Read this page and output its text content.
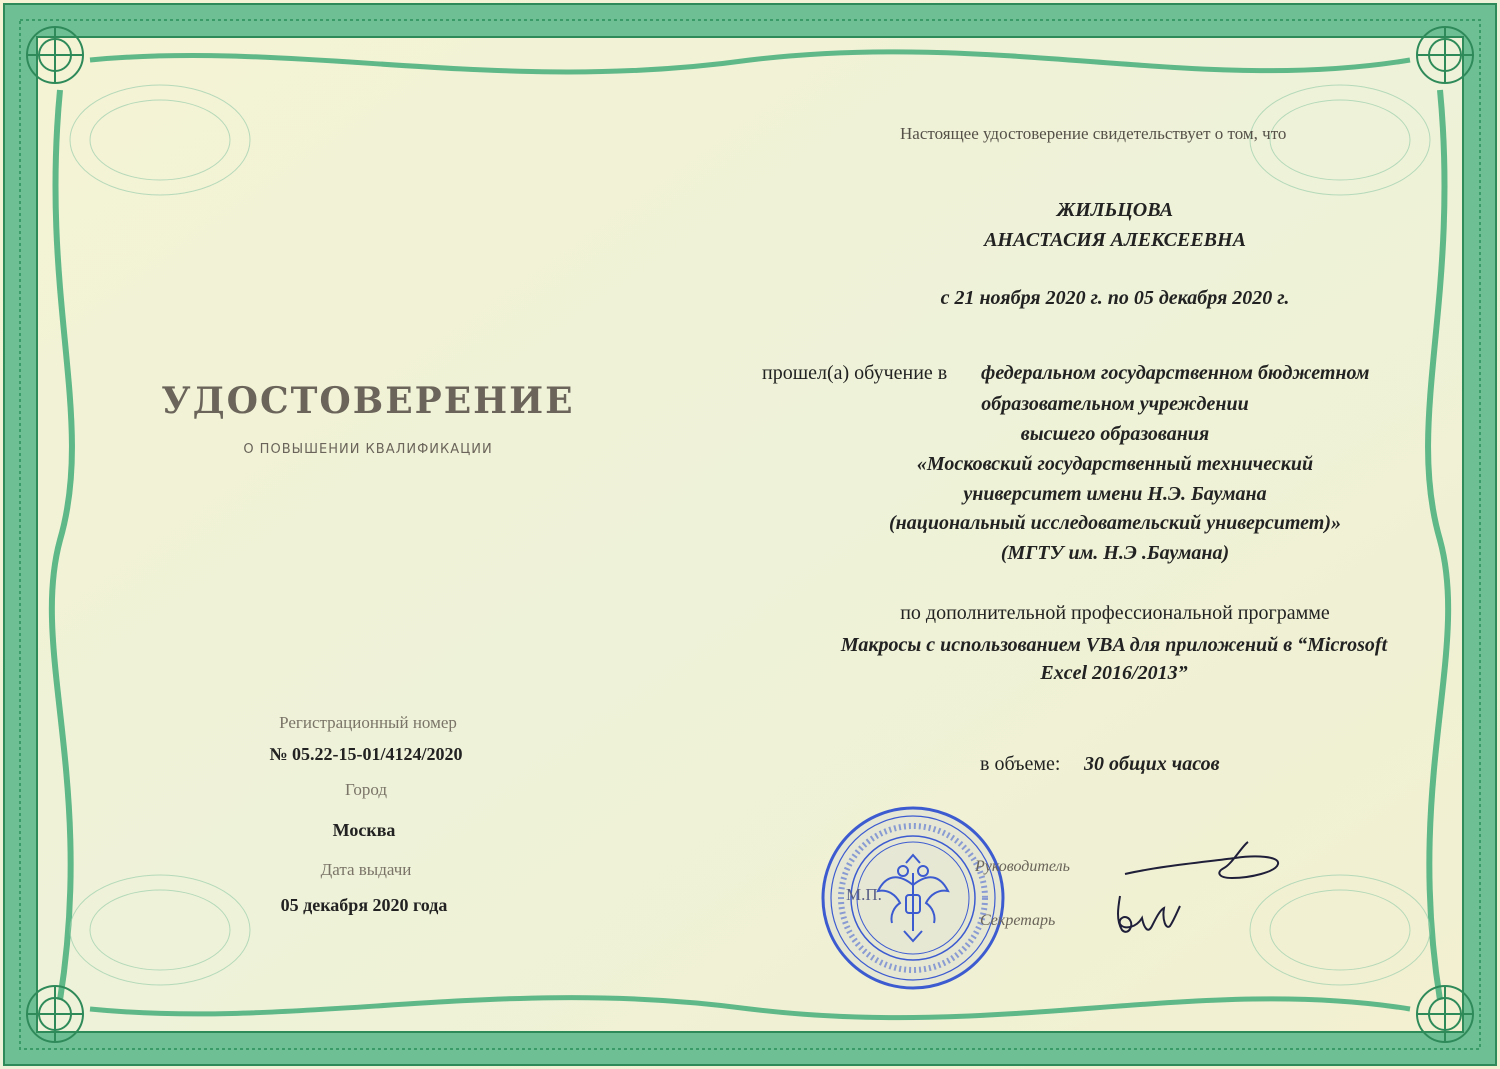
УДОСТОВЕРЕНИЕ
О ПОВЫШЕНИИ КВАЛИФИКАЦИИ
Регистрационный номер
№ 05.22-15-01/4124/2020
Город
Москва
Дата выдачи
05 декабря 2020 года
Настоящее удостоверение свидетельствует о том, что
ЖИЛЬЦОВА
АНАСТАСИЯ АЛЕКСЕЕВНА
с 21 ноября 2020 г. по 05 декабря 2020 г.
прошел(а) обучение в федеральном государственном бюджетном
образовательном учреждении
высшего образования
«Московский государственный технический
университет имени Н.Э. Баумана
(национальный исследовательский университет)»
(МГТУ им. Н.Э .Баумана)
по дополнительной профессиональной программе
Макросы с использованием VBA для приложений в “Microsoft
Excel 2016/2013”
в объеме: 30 общих часов
М.П.
Руководитель
Секретарь
